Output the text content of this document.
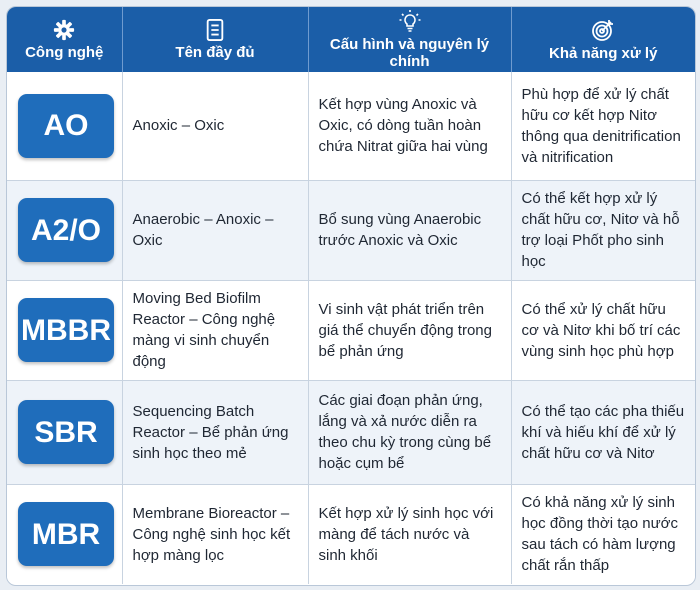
Công nghệ	Tên đầy đủ	Cấu hình và nguyên lý chính	Khả năng xử lý

AO	Anoxic – Oxic	Kết hợp vùng Anoxic và Oxic, có dòng tuần hoàn chứa Nitrat giữa hai vùng	Phù hợp để xử lý chất hữu cơ kết hợp Nitơ thông qua denitrification và nitrification

A2/O	Anaerobic – Anoxic – Oxic	Bổ sung vùng Anaerobic trước Anoxic và Oxic	Có thể kết hợp xử lý chất hữu cơ, Nitơ và hỗ trợ loại Phốt pho sinh học

MBBR	Moving Bed Biofilm Reactor – Công nghệ màng vi sinh chuyển động	Vi sinh vật phát triển trên giá thể chuyển động trong bể phản ứng	Có thể xử lý chất hữu cơ và Nitơ khi bố trí các vùng sinh học phù hợp

SBR	Sequencing Batch Reactor – Bể phản ứng sinh học theo mẻ	Các giai đoạn phản ứng, lắng và xả nước diễn ra theo chu kỳ trong cùng bể hoặc cụm bể	Có thể tạo các pha thiếu khí và hiếu khí để xử lý chất hữu cơ và Nitơ

MBR	Membrane Bioreactor – Công nghệ sinh học kết hợp màng lọc	Kết hợp xử lý sinh học với màng để tách nước và sinh khối	Có khả năng xử lý sinh học đồng thời tạo nước sau tách có hàm lượng chất rắn thấp
